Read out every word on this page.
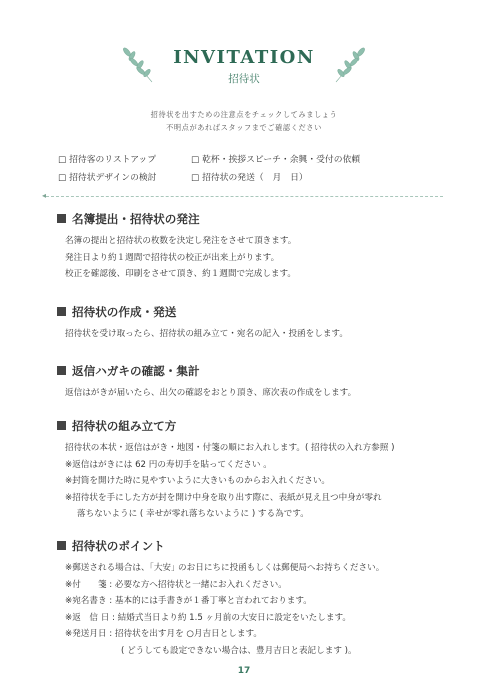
INVITATION
招待状
招待状を出すための注意点をチェックしてみましょう
不明点があればスタッフまでご確認ください
□ 招待客のリストアップ	□ 乾杯・挨拶スピーチ・余興・受付の依頼
□ 招待状デザインの検討	□ 招待状の発送（　月　日）
◂
名簿提出・招待状の発注
名簿の提出と招待状の枚数を決定し発注をさせて頂きます。
発注日より約１週間で招待状の校正が出来上がります。
校正を確認後、印刷をさせて頂き、約１週間で完成します。
招待状の作成・発送
招待状を受け取ったら、招待状の組み立て・宛名の記入・投函をします。
返信ハガキの確認・集計
返信はがきが届いたら、出欠の確認をおとり頂き、席次表の作成をします。
招待状の組み立て方
招待状の本状・返信はがき・地図・付箋の順にお入れします。( 招待状の入れ方参照 )
※返信はがきには 62 円の寿切手を貼ってください 。
※封筒を開けた時に見やすいように大きいものからお入れください。
※招待状を手にした方が封を開け中身を取り出す際に、表紙が見え且つ中身が零れ
落ちないように ( 幸せが零れ落ちないように ) する為です。
招待状のポイント
※郵送される場合は、｢大安｣ のお日にちに投函もしくは郵便局へお持ちください。
※付　　箋 : 必要な方へ招待状と一緒にお入れください。
※宛名書き : 基本的には手書きが１番丁寧と言われております。
※返　信 日 : 結婚式当日より約 1.5 ヶ月前の大安日に設定をいたします。
※発送月日 : 招待状を出す月を ○月吉日とします。
( どうしても設定できない場合は、豊月吉日と表記します )。
17
